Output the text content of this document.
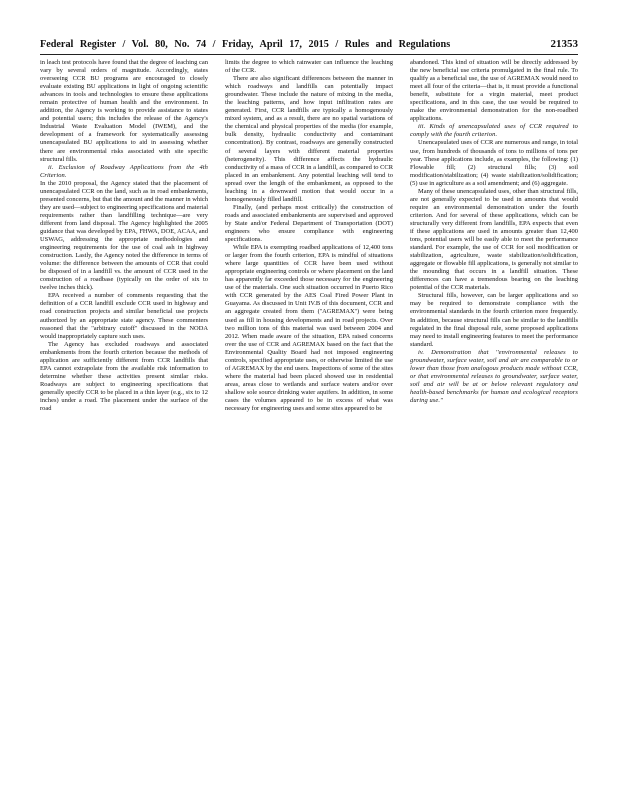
Federal Register / Vol. 80, No. 74 / Friday, April 17, 2015 / Rules and Regulations	21353

in leach test protocols have found that the degree of leaching can vary by several orders of magnitude. Accordingly, states overseeing CCR BU programs are encouraged to closely evaluate existing BU applications in light of ongoing scientific advances in tools and technologies to ensure these applications remain protective of human health and the environment. In addition, the Agency is working to provide assistance to states and potential users; this includes the release of the Agency's Industrial Waste Evaluation Model (IWEM), and the development of a framework for systematically assessing unencapsulated BU applications to aid in assessing whether there are environmental risks associated with site specific structural fills.

ii. Exclusion of Roadway Applications from the 4th Criterion.

In the 2010 proposal, the Agency stated that the placement of unencapsulated CCR on the land, such as in road embankments, presented concerns, but that the amount and the manner in which they are used—subject to engineering specifications and material requirements rather than landfilling technique—are very different from land disposal. The Agency highlighted the 2005 guidance that was developed by EPA, FHWA, DOE, ACAA, and USWAG, addressing the appropriate methodologies and engineering requirements for the use of coal ash in highway construction. Lastly, the Agency noted the difference in terms of volume: the difference between the amounts of CCR that could be disposed of in a landfill vs. the amount of CCR used in the construction of a roadbase (typically on the order of six to twelve inches thick).

EPA received a number of comments requesting that the definition of a CCR landfill exclude CCR used in highway and road construction projects and similar beneficial use projects authorized by an appropriate state agency. These commenters reasoned that the ''arbitrary cutoff'' discussed in the NODA would inappropriately capture such uses.

The Agency has excluded roadways and associated embankments from the fourth criterion because the methods of application are sufficiently different from CCR landfills that EPA cannot extrapolate from the available risk information to determine whether these activities present similar risks. Roadways are subject to engineering specifications that generally specify CCR to be placed in a thin layer (e.g., six to 12 inches) under a road. The placement under the surface of the road

limits the degree to which rainwater can influence the leaching of the CCR.

There are also significant differences between the manner in which roadways and landfills can potentially impact groundwater. These include the nature of mixing in the media, the leaching patterns, and how input infiltration rates are generated. First, CCR landfills are typically a homogenously mixed system, and as a result, there are no spatial variations of the chemical and physical properties of the media (for example, bulk density, hydraulic conductivity and contaminant concentration). By contrast, roadways are generally constructed of several layers with different material properties (heterogeneity). This difference affects the hydraulic conductivity of a mass of CCR in a landfill, as compared to CCR placed in an embankment. Any potential leaching will tend to spread over the length of the embankment, as opposed to the leaching in a downward motion that would occur in a homogeneously filled landfill.

Finally, (and perhaps most critically) the construction of roads and associated embankments are supervised and approved by State and/or Federal Department of Transportation (DOT) engineers who ensure compliance with engineering specifications.

While EPA is exempting roadbed applications of 12,400 tons or larger from the fourth criterion, EPA is mindful of situations where large quantities of CCR have been used without appropriate engineering controls or where placement on the land has apparently far exceeded those necessary for the engineering use of the materials. One such situation occurred in Puerto Rico with CCR generated by the AES Coal Fired Power Plant in Guayama. As discussed in Unit IV.B of this document, CCR and an aggregate created from them (''AGREMAX'') were being used as fill in housing developments and in road projects. Over two million tons of this material was used between 2004 and 2012. When made aware of the situation, EPA raised concerns over the use of CCR and AGREMAX based on the fact that the Environmental Quality Board had not imposed engineering controls, specified appropriate uses, or otherwise limited the use of AGREMAX by the end users. Inspections of some of the sites where the material had been placed showed use in residential areas, areas close to wetlands and surface waters and/or over shallow sole source drinking water aquifers. In addition, in some cases the volumes appeared to be in excess of what was necessary for engineering uses and some sites appeared to be

abandoned. This kind of situation will be directly addressed by the new beneficial use criteria promulgated in the final rule. To qualify as a beneficial use, the use of AGREMAX would need to meet all four of the criteria—that is, it must provide a functional benefit, substitute for a virgin material, meet product specifications, and in this case, the use would be required to make the environmental demonstration for the non-roadbed applications.

iii. Kinds of unencapsulated uses of CCR required to comply with the fourth criterion.

Unencapsulated uses of CCR are numerous and range, in total use, from hundreds of thousands of tons to millions of tons per year. These applications include, as examples, the following: (1) Flowable fill; (2) structural fills; (3) soil modification/stabilization; (4) waste stabilization/solidification; (5) use in agriculture as a soil amendment; and (6) aggregate.

Many of these unencapsulated uses, other than structural fills, are not generally expected to be used in amounts that would require an environmental demonstration under the fourth criterion. And for several of these applications, which can be structurally very different from landfills, EPA expects that even if these applications are used in amounts greater than 12,400 tons, potential users will be easily able to meet the performance standard. For example, the use of CCR for soil modification or stabilization, agriculture, waste stabilization/solidification, aggregate or flowable fill applications, is generally not similar to the mounding that occurs in a landfill situation. These differences can have a tremendous bearing on the leaching potential of the CCR materials.

Structural fills, however, can be larger applications and so may be required to demonstrate compliance with the environmental standards in the fourth criterion more frequently. In addition, because structural fills can be similar to the landfills regulated in the final disposal rule, some proposed applications may need to install engineering features to meet the performance standard.

iv. Demonstration that ''environmental releases to groundwater, surface water, soil and air are comparable to or lower than those from analogous products made without CCR, or that environmental releases to groundwater, surface water, soil and air will be at or below relevant regulatory and health-based benchmarks for human and ecological receptors during use.''
